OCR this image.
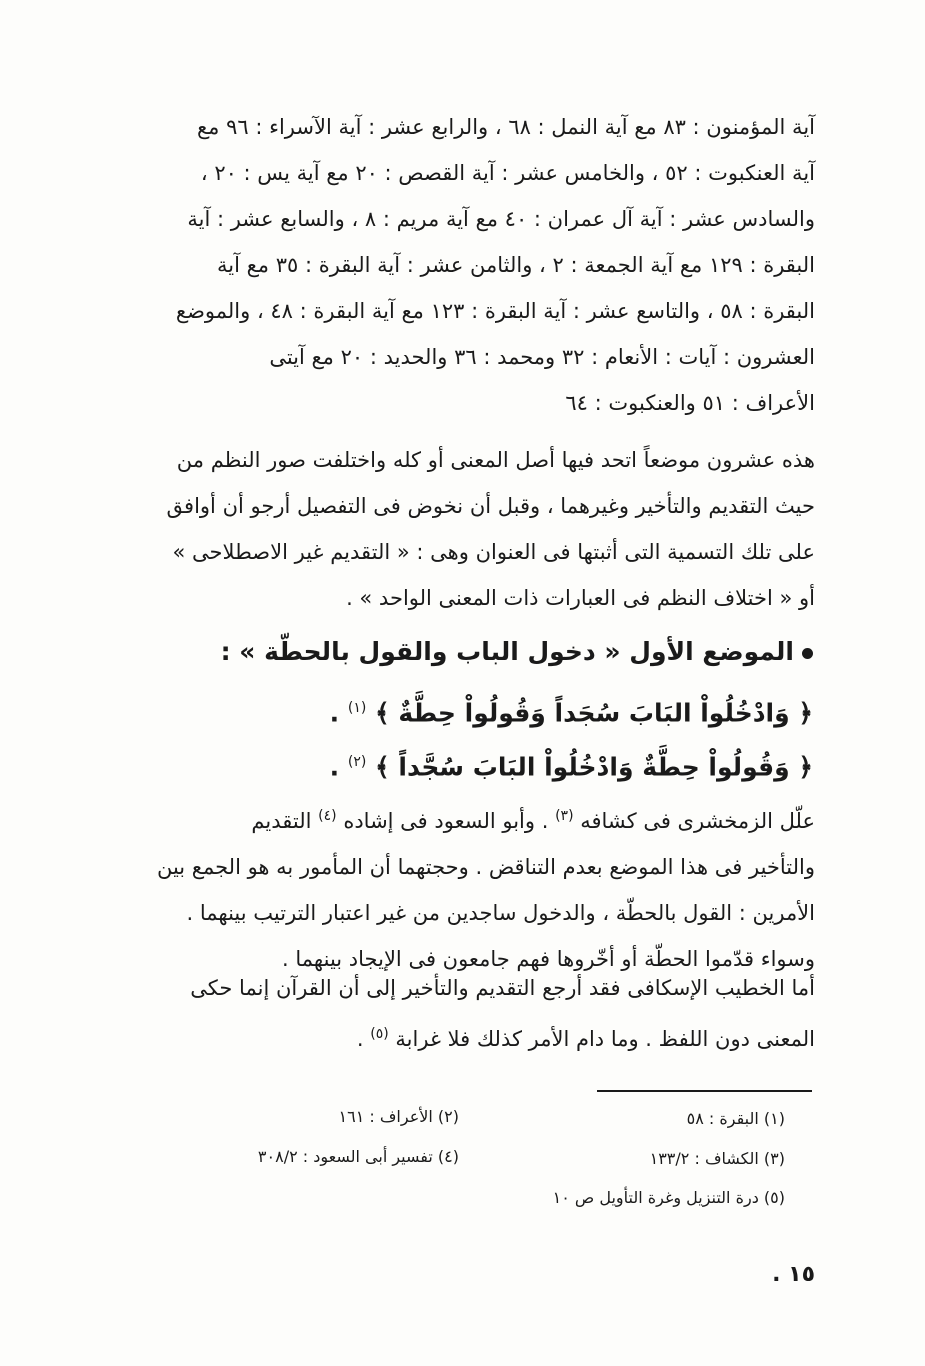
آية المؤمنون : ٨٣ مع آية النمل : ٦٨ ، والرابع عشر : آية الآسراء : ٩٦ مع
آية العنكبوت : ٥٢ ، والخامس عشر : آية القصص : ٢٠ مع آية يس : ٢٠ ،
والسادس عشر : آية آل عمران : ٤٠ مع آية مريم : ٨ ، والسابع عشر : آية
البقرة : ١٢٩ مع آية الجمعة : ٢ ، والثامن عشر : آية البقرة : ٣٥ مع آية
البقرة : ٥٨ ، والتاسع عشر : آية البقرة : ١٢٣ مع آية البقرة : ٤٨ ، والموضع
العشرون : آيات : الأنعام : ٣٢ ومحمد : ٣٦ والحديد : ٢٠ مع آيتى
الأعراف : ٥١ والعنكبوت : ٦٤
هذه عشرون موضعاً اتحد فيها أصل المعنى أو كله واختلفت صور النظم من
حيث التقديم والتأخير وغيرهما ، وقبل أن نخوض فى التفصيل أرجو أن أوافق
على تلك التسمية التى أثبتها فى العنوان وهى : « التقديم غير الاصطلاحى »
أو « اختلاف النظم فى العبارات ذات المعنى الواحد » .
الموضع الأول « دخول الباب والقول بالحطّة » :
﴿ وَادْخُلُواْ البَابَ سُجَداً وَقُولُواْ حِطَّةٌ ﴾ $^{(١)}$ .
﴿ وَقُولُواْ حِطَّةٌ وَادْخُلُواْ البَابَ سُجَّداً ﴾ $^{(٢)}$ .
علّل الزمخشرى فى كشافه $^{(٣)}$ . وأبو السعود فى إشاده $^{(٤)}$ التقديم
والتأخير فى هذا الموضع بعدم التناقض . وحجتهما أن المأمور به هو الجمع بين
الأمرين : القول بالحطّة ، والدخول ساجدين من غير اعتبار الترتيب بينهما .
وسواء قدّموا الحطّة أو أخّروها فهم جامعون فى الإيجاد بينهما .
أما الخطيب الإسكافى فقد أرجع التقديم والتأخير إلى أن القرآن إنما حكى
المعنى دون اللفظ . وما دام الأمر كذلك فلا غرابة $^{(٥)}$ .
(١) البقرة : ٥٨
(٢) الأعراف : ١٦١
(٣) الكشاف : ١٣٣/٢
(٤) تفسير أبى السعود : ٣٠٨/٢
(٥) درة التنزيل وغرة التأويل ص ١٠
١٥ .
